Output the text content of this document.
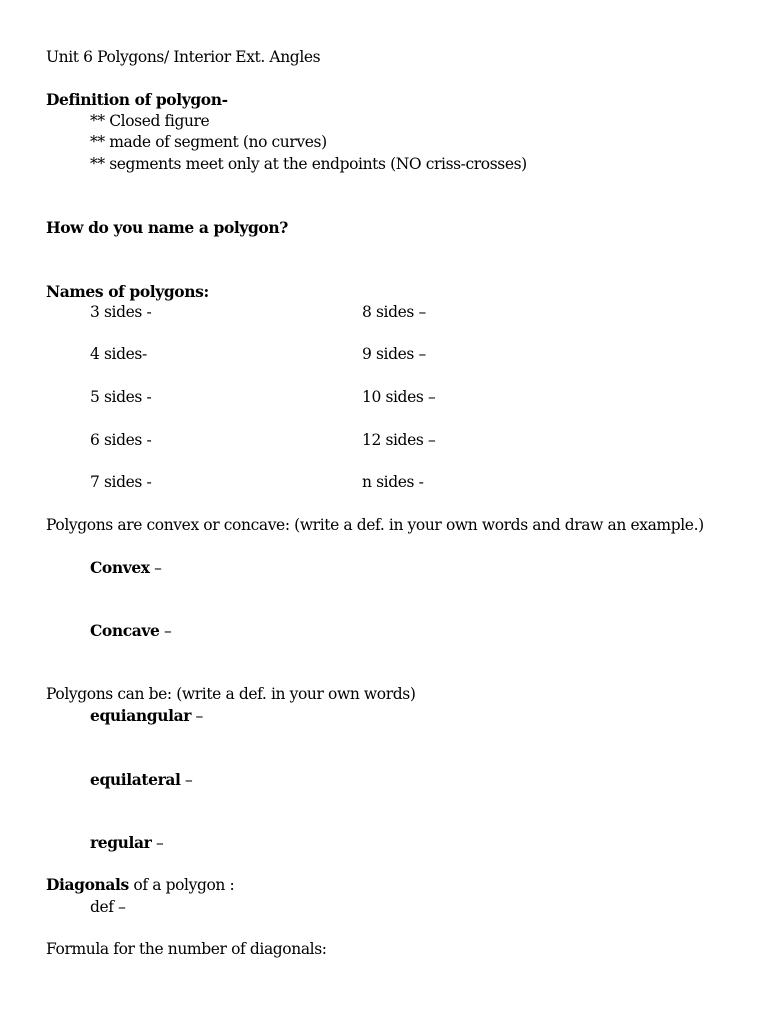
Unit 6 Polygons/ Interior Ext. Angles
Definition of polygon-
** Closed figure
** made of segment (no curves)
** segments meet only at the endpoints (NO criss-crosses)
How do you name a polygon?
Names of polygons:
3 sides -	8 sides –
4 sides-	9 sides –
5 sides -	10 sides –
6 sides -	12 sides –
7 sides -	n sides -
Polygons are convex or concave: (write a def. in your own words and draw an example.)
Convex –
Concave –
Polygons can be: (write a def. in your own words)
equiangular –
equilateral –
regular –
Diagonals of a polygon :
def –
Formula for the number of diagonals:
